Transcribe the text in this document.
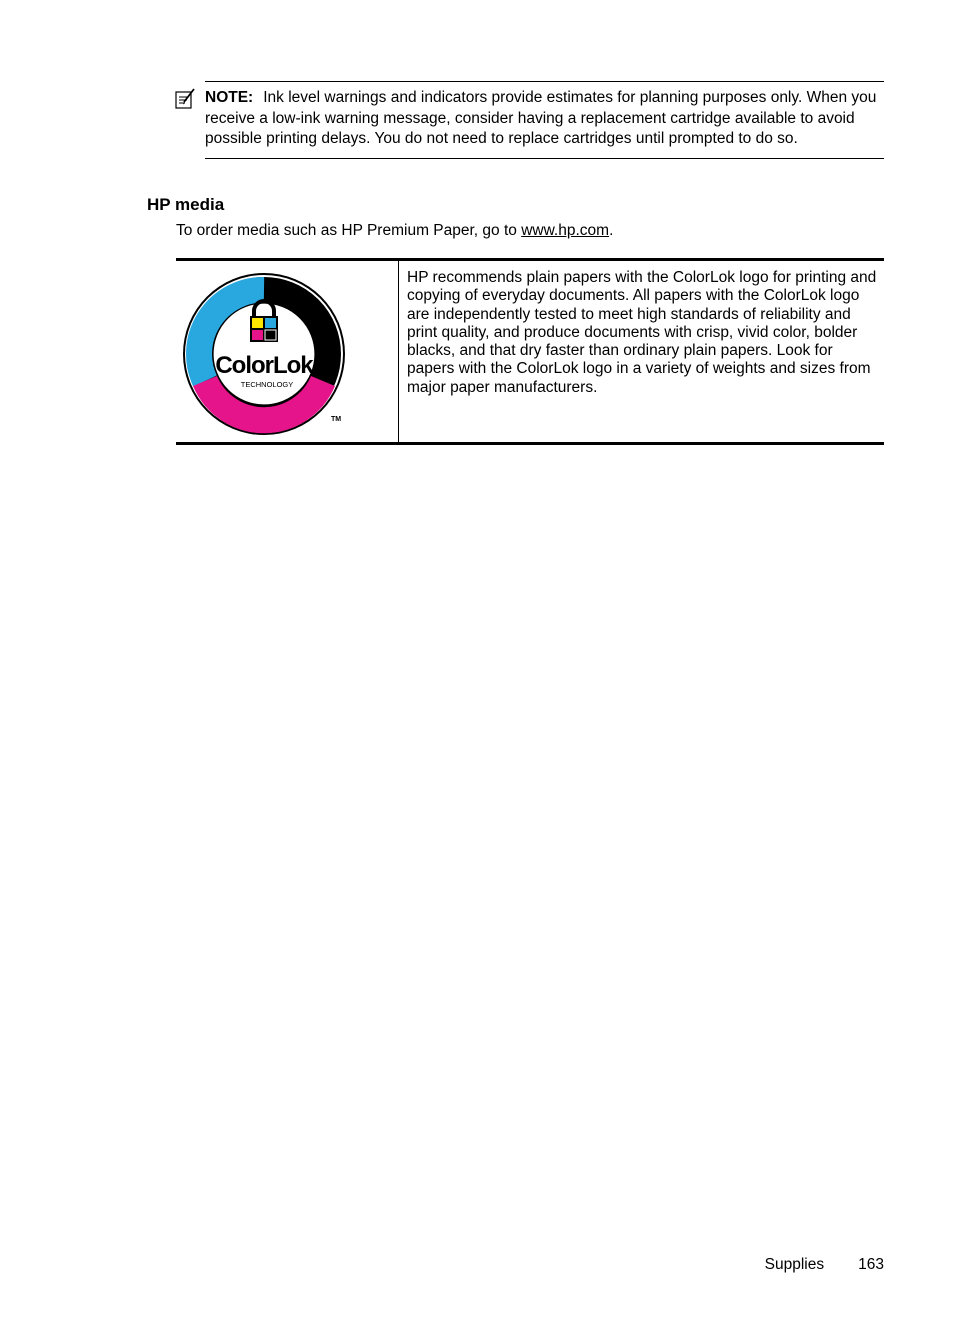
NOTE: Ink level warnings and indicators provide estimates for planning purposes only. When you receive a low-ink warning message, consider having a replacement cartridge available to avoid possible printing delays. You do not need to replace cartridges until prompted to do so.
HP media
To order media such as HP Premium Paper, go to www.hp.com.
ColorLok
TECHNOLOGY
TM
HP recommends plain papers with the ColorLok logo for printing and copying of everyday documents. All papers with the ColorLok logo are independently tested to meet high standards of reliability and print quality, and produce documents with crisp, vivid color, bolder blacks, and that dry faster than ordinary plain papers. Look for papers with the ColorLok logo in a variety of weights and sizes from major paper manufacturers.
Supplies 163
